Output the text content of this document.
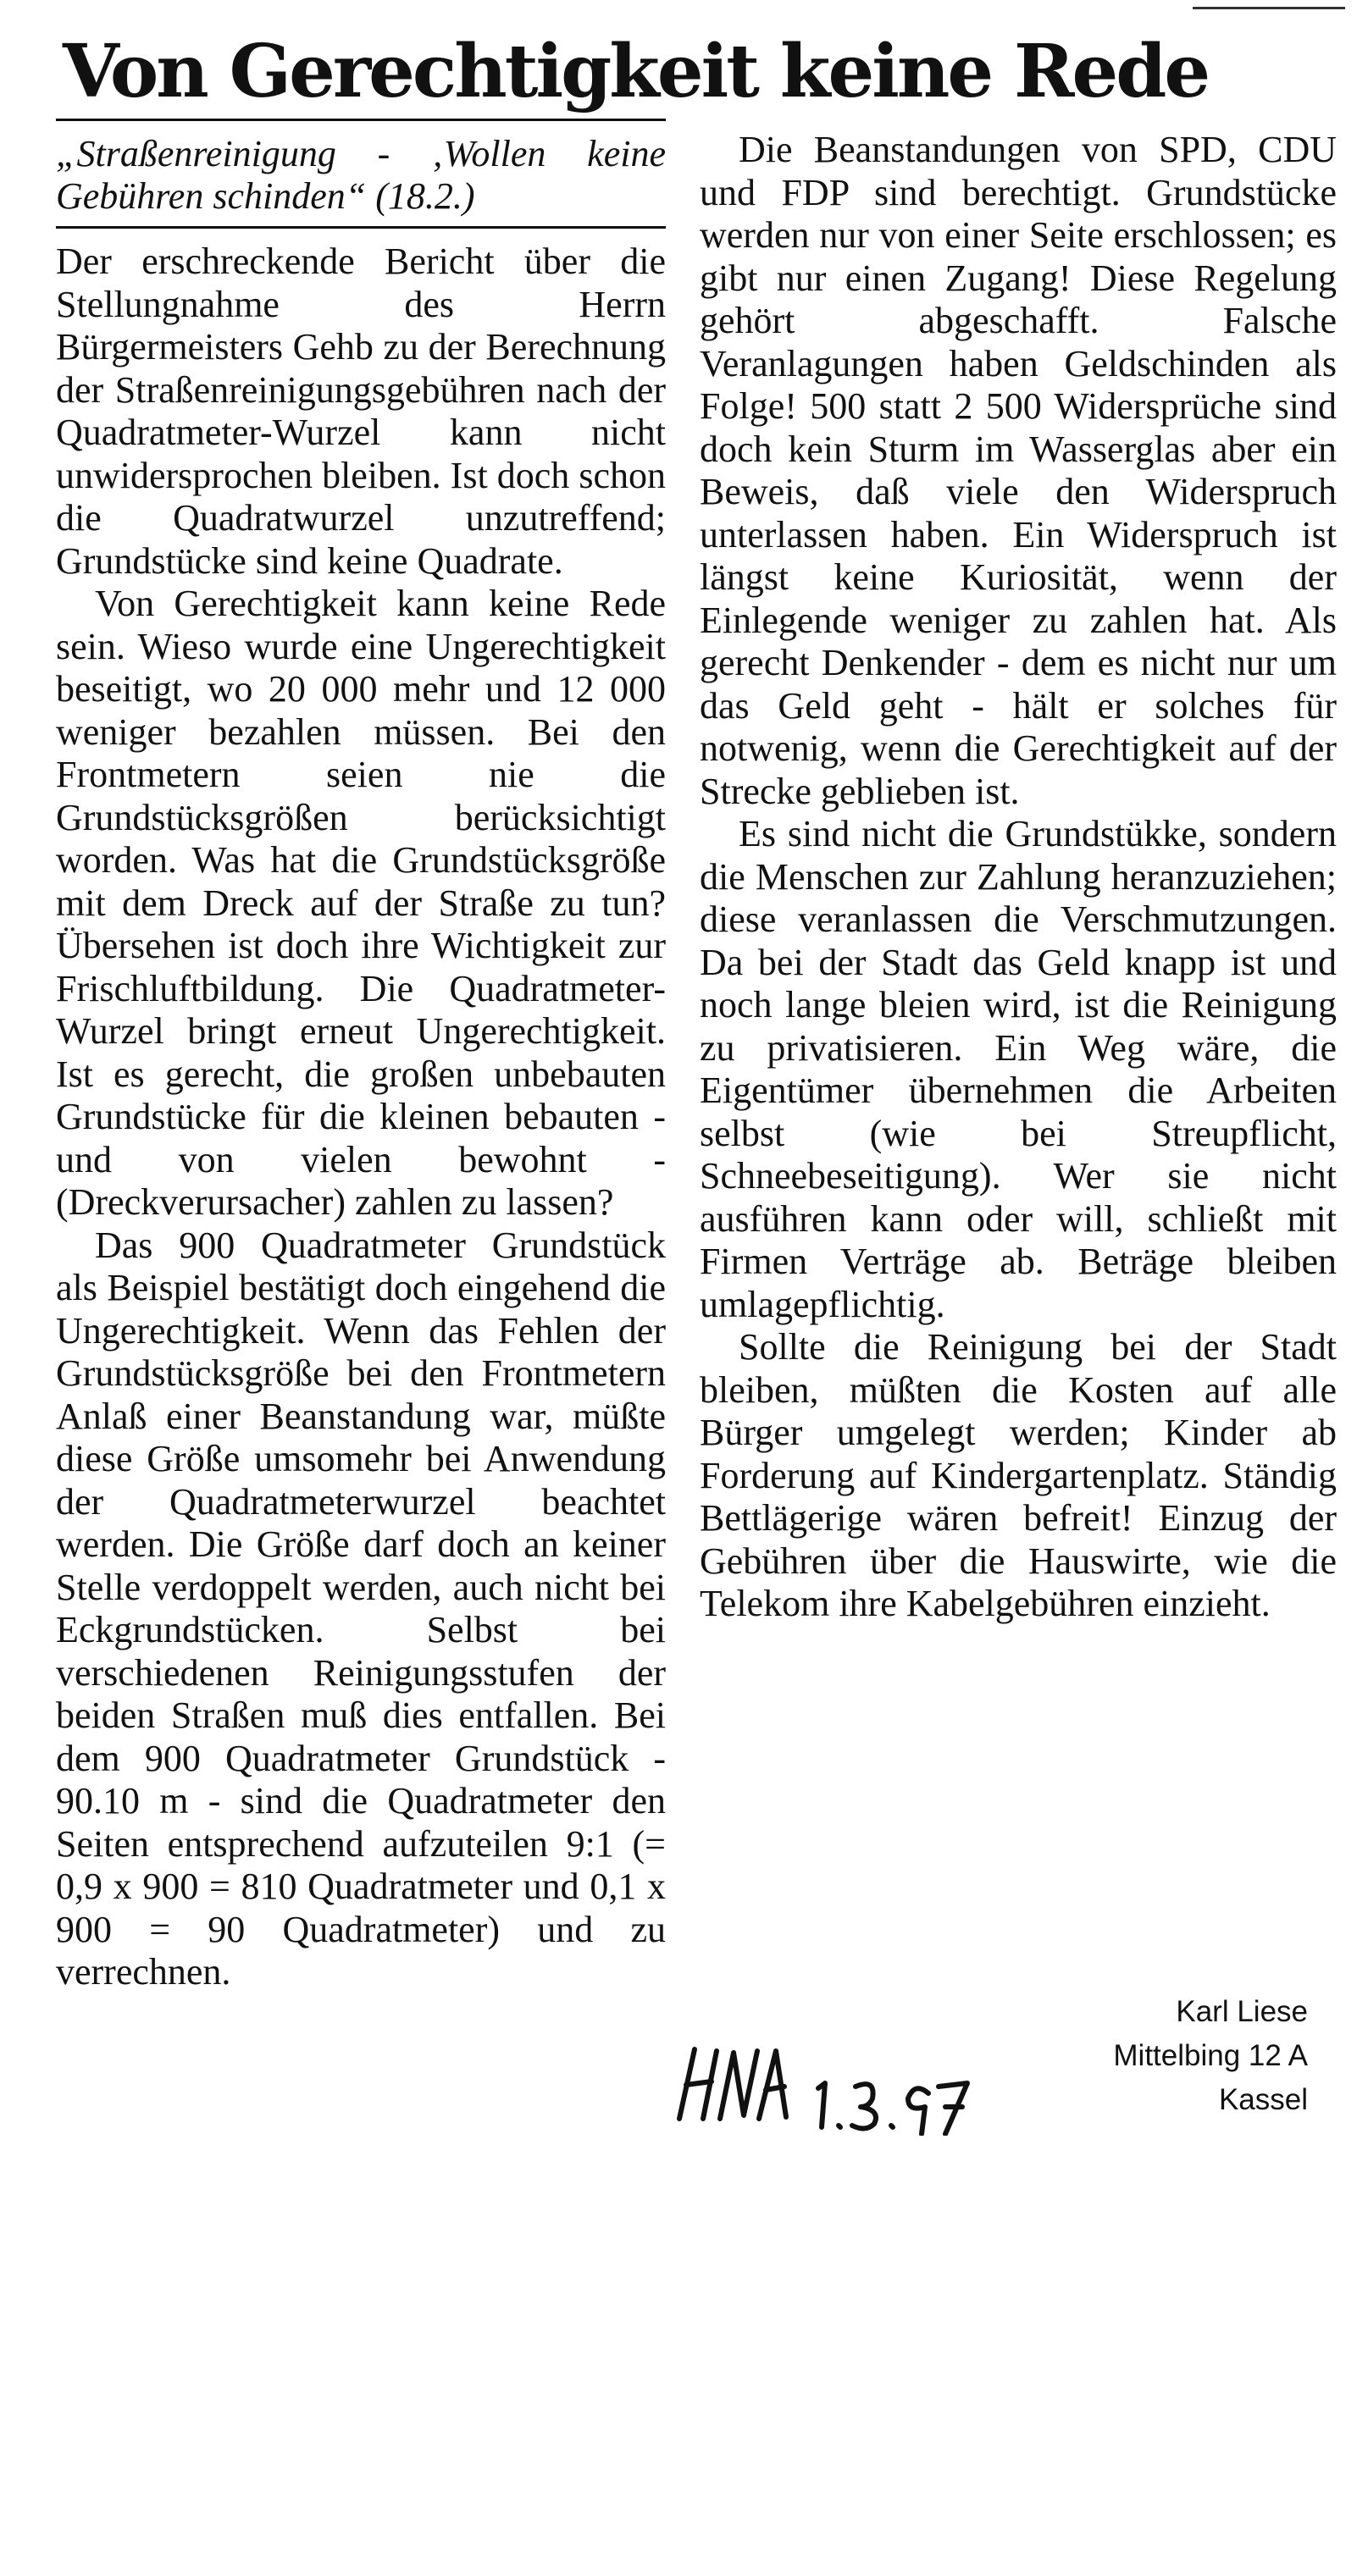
Von Gerechtigkeit keine Rede
„Straßenreinigung - ‚Wollen keine Gebühren schinden“ (18.2.)

Der erschreckende Bericht über die Stellungnahme des Herrn Bürgermeisters Gehb zu der Berechnung der Straßenreinigungsgebühren nach der Quadratmeter-Wurzel kann nicht unwidersprochen bleiben. Ist doch schon die Quadratwurzel unzutreffend; Grundstücke sind keine Quadrate.

Von Gerechtigkeit kann keine Rede sein. Wieso wurde eine Ungerechtigkeit beseitigt, wo 20 000 mehr und 12 000 weniger bezahlen müssen. Bei den Frontmetern seien nie die Grundstücksgrößen berücksichtigt worden. Was hat die Grundstücksgröße mit dem Dreck auf der Straße zu tun? Übersehen ist doch ihre Wichtigkeit zur Frischluftbildung. Die Quadratmeter-Wurzel bringt erneut Ungerechtigkeit. Ist es gerecht, die großen unbebauten Grundstücke für die kleinen bebauten - und von vielen bewohnt - (Dreckverursacher) zahlen zu lassen?

Das 900 Quadratmeter Grundstück als Beispiel bestätigt doch eingehend die Ungerechtigkeit. Wenn das Fehlen der Grundstücksgröße bei den Frontmetern Anlaß einer Beanstandung war, müßte diese Größe umsomehr bei Anwendung der Quadratmeterwurzel beachtet werden. Die Größe darf doch an keiner Stelle verdoppelt werden, auch nicht bei Eckgrundstücken. Selbst bei verschiedenen Reinigungsstufen der beiden Straßen muß dies entfallen. Bei dem 900 Quadratmeter Grundstück - 90.10 m - sind die Quadratmeter den Seiten entsprechend aufzuteilen 9:1 (= 0,9 x 900 = 810 Quadratmeter und 0,1 x 900 = 90 Quadratmeter) und zu verrechnen.

Die Beanstandungen von SPD, CDU und FDP sind berechtigt. Grundstücke werden nur von einer Seite erschlossen; es gibt nur einen Zugang! Diese Regelung gehört abgeschafft. Falsche Veranlagungen haben Geldschinden als Folge! 500 statt 2 500 Widersprüche sind doch kein Sturm im Wasserglas aber ein Beweis, daß viele den Widerspruch unterlassen haben. Ein Widerspruch ist längst keine Kuriosität, wenn der Einlegende weniger zu zahlen hat. Als gerecht Denkender - dem es nicht nur um das Geld geht - hält er solches für notwenig, wenn die Gerechtigkeit auf der Strecke geblieben ist.

Es sind nicht die Grundstükke, sondern die Menschen zur Zahlung heranzuziehen; diese veranlassen die Verschmutzungen. Da bei der Stadt das Geld knapp ist und noch lange bleien wird, ist die Reinigung zu privatisieren. Ein Weg wäre, die Eigentümer übernehmen die Arbeiten selbst (wie bei Streupflicht, Schneebeseitigung). Wer sie nicht ausführen kann oder will, schließt mit Firmen Verträge ab. Beträge bleiben umlagepflichtig.

Sollte die Reinigung bei der Stadt bleiben, müßten die Kosten auf alle Bürger umgelegt werden; Kinder ab Forderung auf Kindergartenplatz. Ständig Bettlägerige wären befreit! Einzug der Gebühren über die Hauswirte, wie die Telekom ihre Kabelgebühren einzieht.

Karl Liese
Mittelbing 12 A
Kassel
